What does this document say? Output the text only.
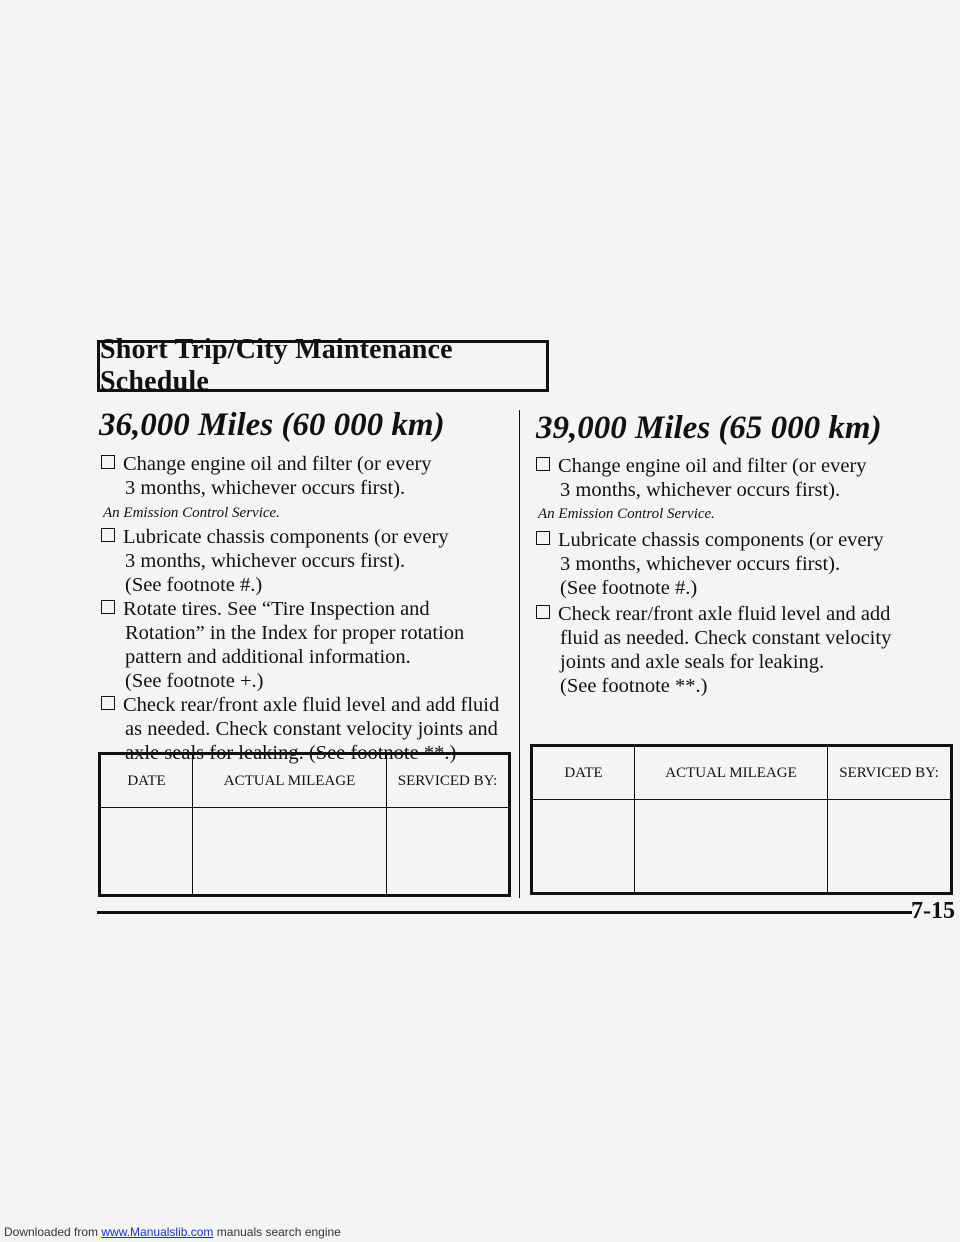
Short Trip/City Maintenance Schedule
36,000 Miles (60 000 km)
Change engine oil and filter (or every
3 months, whichever occurs first).
An Emission Control Service.
Lubricate chassis components (or every
3 months, whichever occurs first).
(See footnote #.)
Rotate tires. See “Tire Inspection and
Rotation” in the Index for proper rotation
pattern and additional information.
(See footnote +.)
Check rear/front axle fluid level and add fluid
as needed. Check constant velocity joints and
axle seals for leaking. (See footnote **.)
DATE	ACTUAL MILEAGE	SERVICED BY:

39,000 Miles (65 000 km)
Change engine oil and filter (or every
3 months, whichever occurs first).
An Emission Control Service.
Lubricate chassis components (or every
3 months, whichever occurs first).
(See footnote #.)
Check rear/front axle fluid level and add
fluid as needed. Check constant velocity
joints and axle seals for leaking.
(See footnote **.)
DATE	ACTUAL MILEAGE	SERVICED BY:

7-15
Downloaded from www.Manualslib.com manuals search engine
